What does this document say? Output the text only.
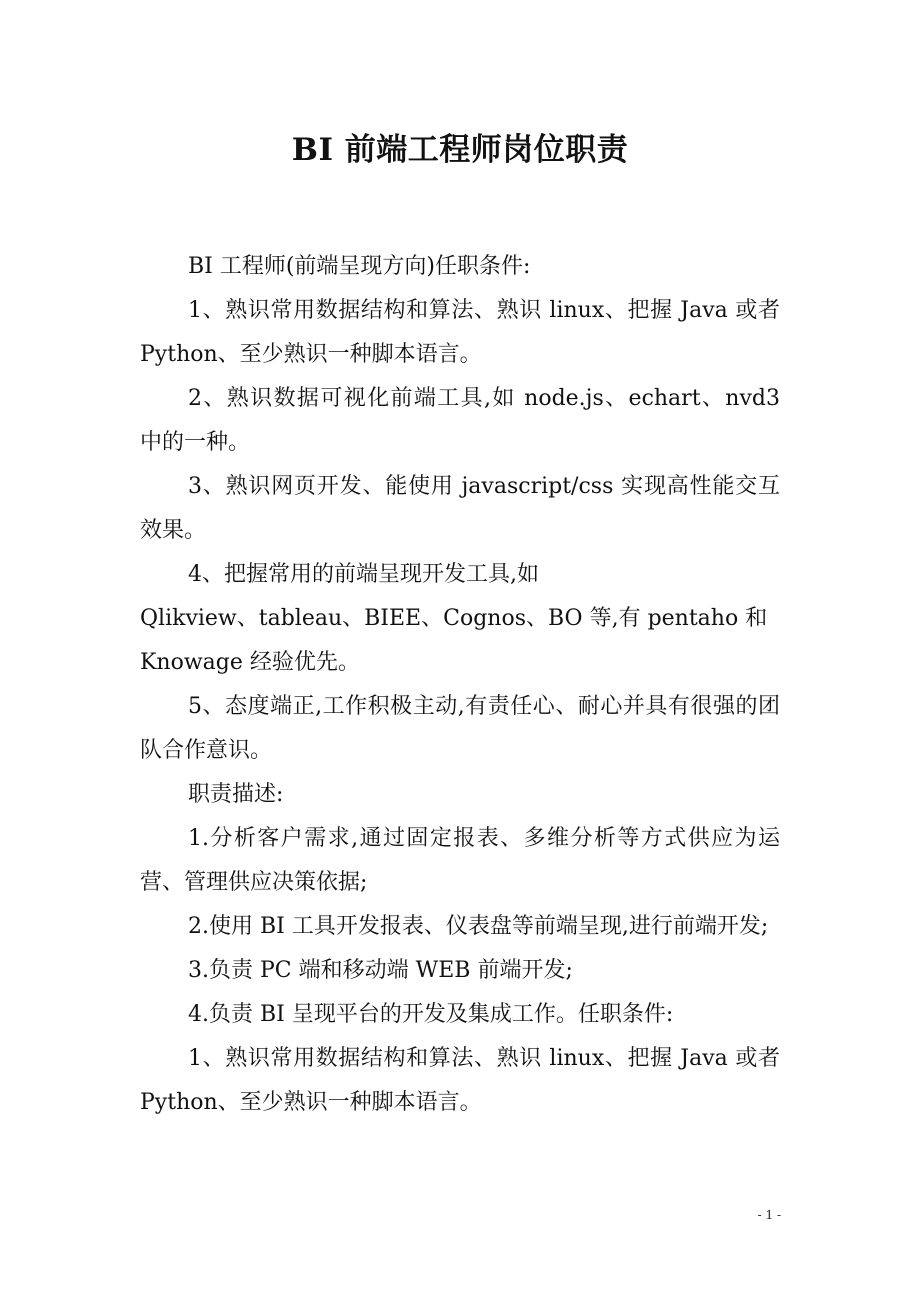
BI 前端工程师岗位职责

BI 工程师(前端呈现方向)任职条件:

1、熟识常用数据结构和算法、熟识 linux、把握 Java 或者 Python、至少熟识一种脚本语言。

2、熟识数据可视化前端工具,如 node.js、echart、nvd3 中的一种。

3、熟识网页开发、能使用 javascript/css 实现高性能交互效果。

4、把握常用的前端呈现开发工具,如

Qlikview、tableau、BIEE、Cognos、BO 等,有 pentaho 和

Knowage 经验优先。

5、态度端正,工作积极主动,有责任心、耐心并具有很强的团队合作意识。

职责描述:

1.分析客户需求,通过固定报表、多维分析等方式供应为运营、管理供应决策依据;

2.使用 BI 工具开发报表、仪表盘等前端呈现,进行前端开发;

3.负责 PC 端和移动端 WEB 前端开发;

4.负责 BI 呈现平台的开发及集成工作。任职条件:

1、熟识常用数据结构和算法、熟识 linux、把握 Java 或者 Python、至少熟识一种脚本语言。

- 1 -
